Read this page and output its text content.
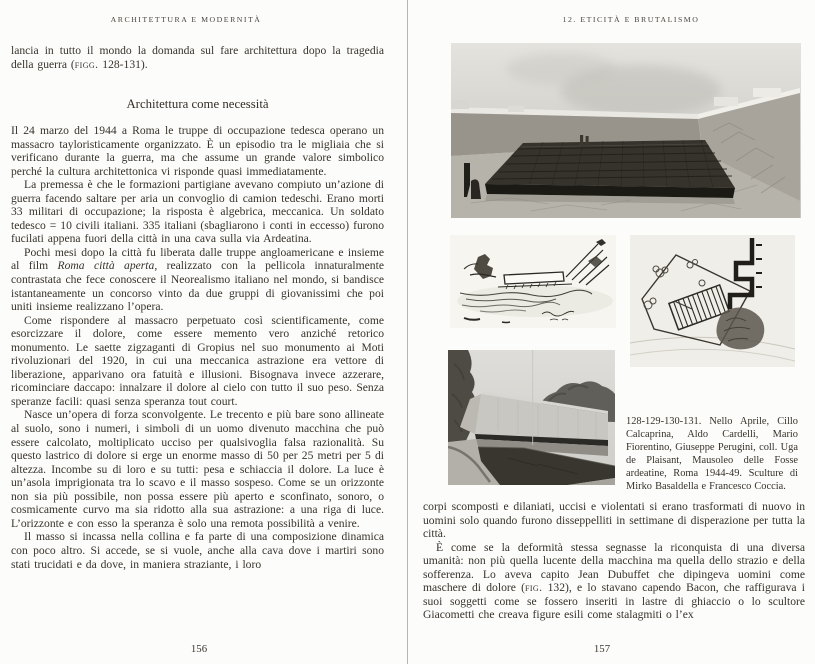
ARCHITETTURA E MODERNITÀ

lancia in tutto il mondo la domanda sul fare architettura dopo la tragedia della guerra (figg. 128-131).

Architettura come necessità

Il 24 marzo del 1944 a Roma le truppe di occupazione tedesca operano un massacro tayloristicamente organizzato. È un episodio tra le migliaia che si verificano durante la guerra, ma che assume un grande valore simbolico perché la cultura architettonica vi risponde quasi immediatamente.

La premessa è che le formazioni partigiane avevano compiuto un’azione di guerra facendo saltare per aria un convoglio di camion tedeschi. Erano morti 33 militari di occupazione; la risposta è algebrica, meccanica. Un soldato tedesco = 10 civili italiani. 335 italiani (sbagliarono i conti in eccesso) furono fucilati appena fuori della città in una cava sulla via Ardeatina.

Pochi mesi dopo la città fu liberata dalle truppe angloamericane e insieme al film Roma città aperta, realizzato con la pellicola innaturalmente contrastata che fece conoscere il Neorealismo italiano nel mondo, si bandisce istantaneamente un concorso vinto da due gruppi di giovanissimi che poi uniti insieme realizzano l’opera.

Come rispondere al massacro perpetuato così scientificamente, come esorcizzare il dolore, come essere memento vero anziché retorico monumento. Le saette zigzaganti di Gropius nel suo monumento ai Moti rivoluzionari del 1920, in cui una meccanica astrazione era vettore di liberazione, apparivano ora fatuità e illusioni. Bisognava invece azzerare, ricominciare daccapo: innalzare il dolore al cielo con tutto il suo peso. Senza speranze facili: quasi senza speranza tout court.

Nasce un’opera di forza sconvolgente. Le trecento e più bare sono allineate al suolo, sono i numeri, i simboli di un uomo divenuto macchina che può essere calcolato, moltiplicato ucciso per qualsivoglia falsa razionalità. Su questo lastrico di dolore si erge un enorme masso di 50 per 25 metri per 5 di altezza. Incombe su di loro e su tutti: pesa e schiaccia il dolore. La luce è un’asola imprigionata tra lo scavo e il masso sospeso. Come se un orizzonte non sia più possibile, non possa essere più aperto e sconfinato, sonoro, o cosmicamente curvo ma sia ridotto alla sua astrazione: a una riga di luce. L’orizzonte e con esso la speranza è solo una remota possibilità a venire.

Il masso si incassa nella collina e fa parte di una composizione dinamica con poco altro. Si accede, se si vuole, anche alla cava dove i martiri sono stati trucidati e da dove, in maniera straziante, i loro

156
12. ETICITÀ E BRUTALISMO
128-129-130-131. Nello Aprile, Cillo Calcaprina, Aldo Cardelli, Mario Fiorentino, Giuseppe Perugini, coll. Uga de Plaisant, Mausoleo delle Fosse ardeatine, Roma 1944-49. Sculture di Mirko Basaldella e Francesco Coccia.

corpi scomposti e dilaniati, uccisi e violentati si erano trasformati di nuovo in uomini solo quando furono disseppelliti in settimane di disperazione per tutta la città.

È come se la deformità stessa segnasse la riconquista di una diversa umanità: non più quella lucente della macchina ma quella dello strazio e della sofferenza. Lo aveva capito Jean Dubuffet che dipingeva uomini come maschere di dolore (fig. 132), e lo stavano capendo Bacon, che raffigurava i suoi soggetti come se fossero inseriti in lastre di ghiaccio o lo scultore Giacometti che creava figure esili come stalagmiti o l’ex

157
